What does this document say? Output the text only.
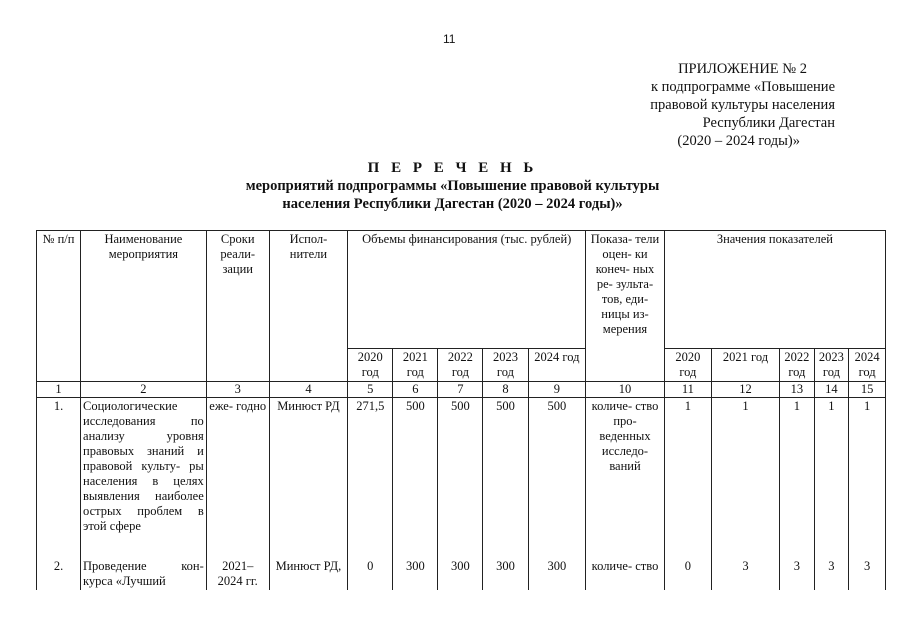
11
ПРИЛОЖЕНИЕ № 2
к подпрограмме «Повышение
правовой культуры населения
Республики Дагестан
(2020 – 2024 годы)»
П Е Р Е Ч Е Н Ь
мероприятий подпрограммы «Повышение правовой культуры
населения Республики Дагестан (2020 – 2024 годы)»
№ п/п	Наименование мероприятия	Сроки реали- зации	Испол- нители	Объемы финансирования (тыс. рублей)					Показа- тели оцен- ки конеч- ных ре- зульта- тов, еди- ницы из- мерения	Значения показателей				
				2020 год	2021 год	2022 год	2023 год	2024 год		2020 год	2021 год	2022 год	2023 год	2024 год
1	2	3	4	5	6	7	8	9	10	11	12	13	14	15
1.	Социологические исследования по анализу уровня правовых знаний и правовой культу- ры населения в целях выявления наиболее острых проблем в этой сфере	еже- годно	Минюст РД	271,5	500	500	500	500	количе- ство про- веденных исследо- ваний	1	1	1	1	1
2.	Проведение кон- курса «Лучший	2021– 2024 гг.	Минюст РД,	0	300	300	300	300	количе- ство	0	3	3	3	3
